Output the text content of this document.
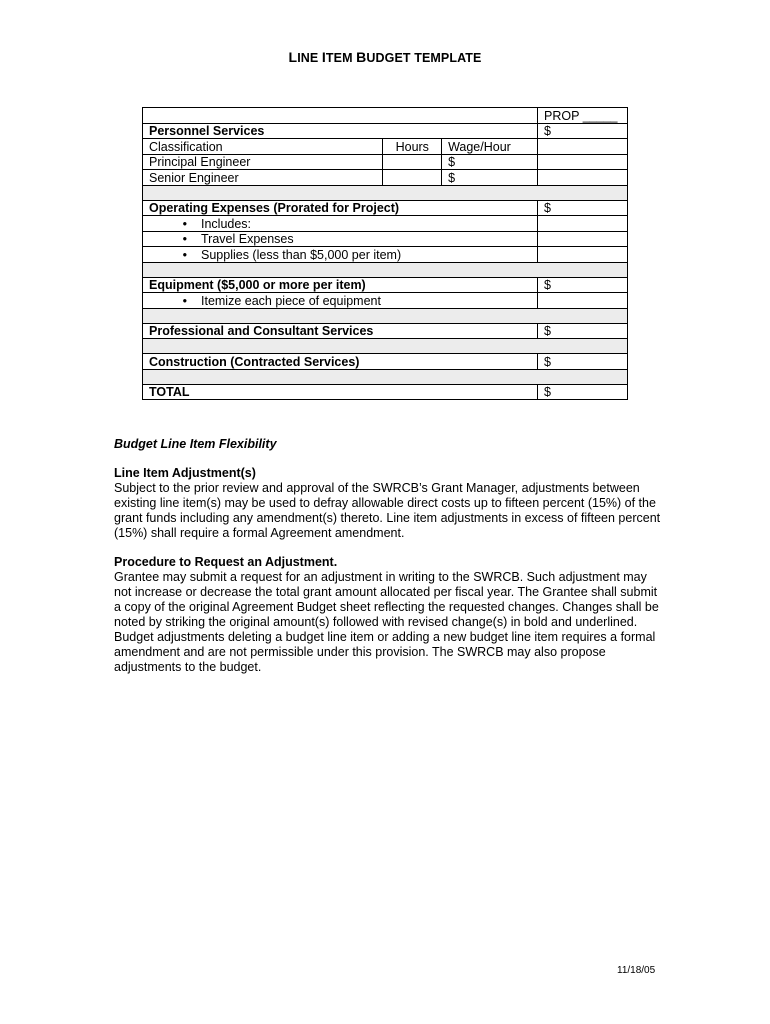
LINE ITEM BUDGET TEMPLATE
			PROP _____
Personnel Services			$
Classification	Hours	Wage/Hour	
Principal Engineer		$	
Senior Engineer		$	

Operating Expenses (Prorated for Project)			$
• Includes:			
• Travel Expenses			
• Supplies (less than $5,000 per item)			

Equipment ($5,000 or more per item)			$
• Itemize each piece of equipment			

Professional and Consultant Services			$

Construction (Contracted Services)			$

TOTAL			$
Budget Line Item Flexibility
Line Item Adjustment(s)
Subject to the prior review and approval of the SWRCB’s Grant Manager, adjustments between existing line item(s) may be used to defray allowable direct costs up to fifteen percent (15%) of the grant funds including any amendment(s) thereto. Line item adjustments in excess of fifteen percent (15%) shall require a formal Agreement amendment.
Procedure to Request an Adjustment.
Grantee may submit a request for an adjustment in writing to the SWRCB. Such adjustment may not increase or decrease the total grant amount allocated per fiscal year. The Grantee shall submit a copy of the original Agreement Budget sheet reflecting the requested changes. Changes shall be noted by striking the original amount(s) followed with revised change(s) in bold and underlined. Budget adjustments deleting a budget line item or adding a new budget line item requires a formal amendment and are not permissible under this provision. The SWRCB may also propose adjustments to the budget.
11/18/05
